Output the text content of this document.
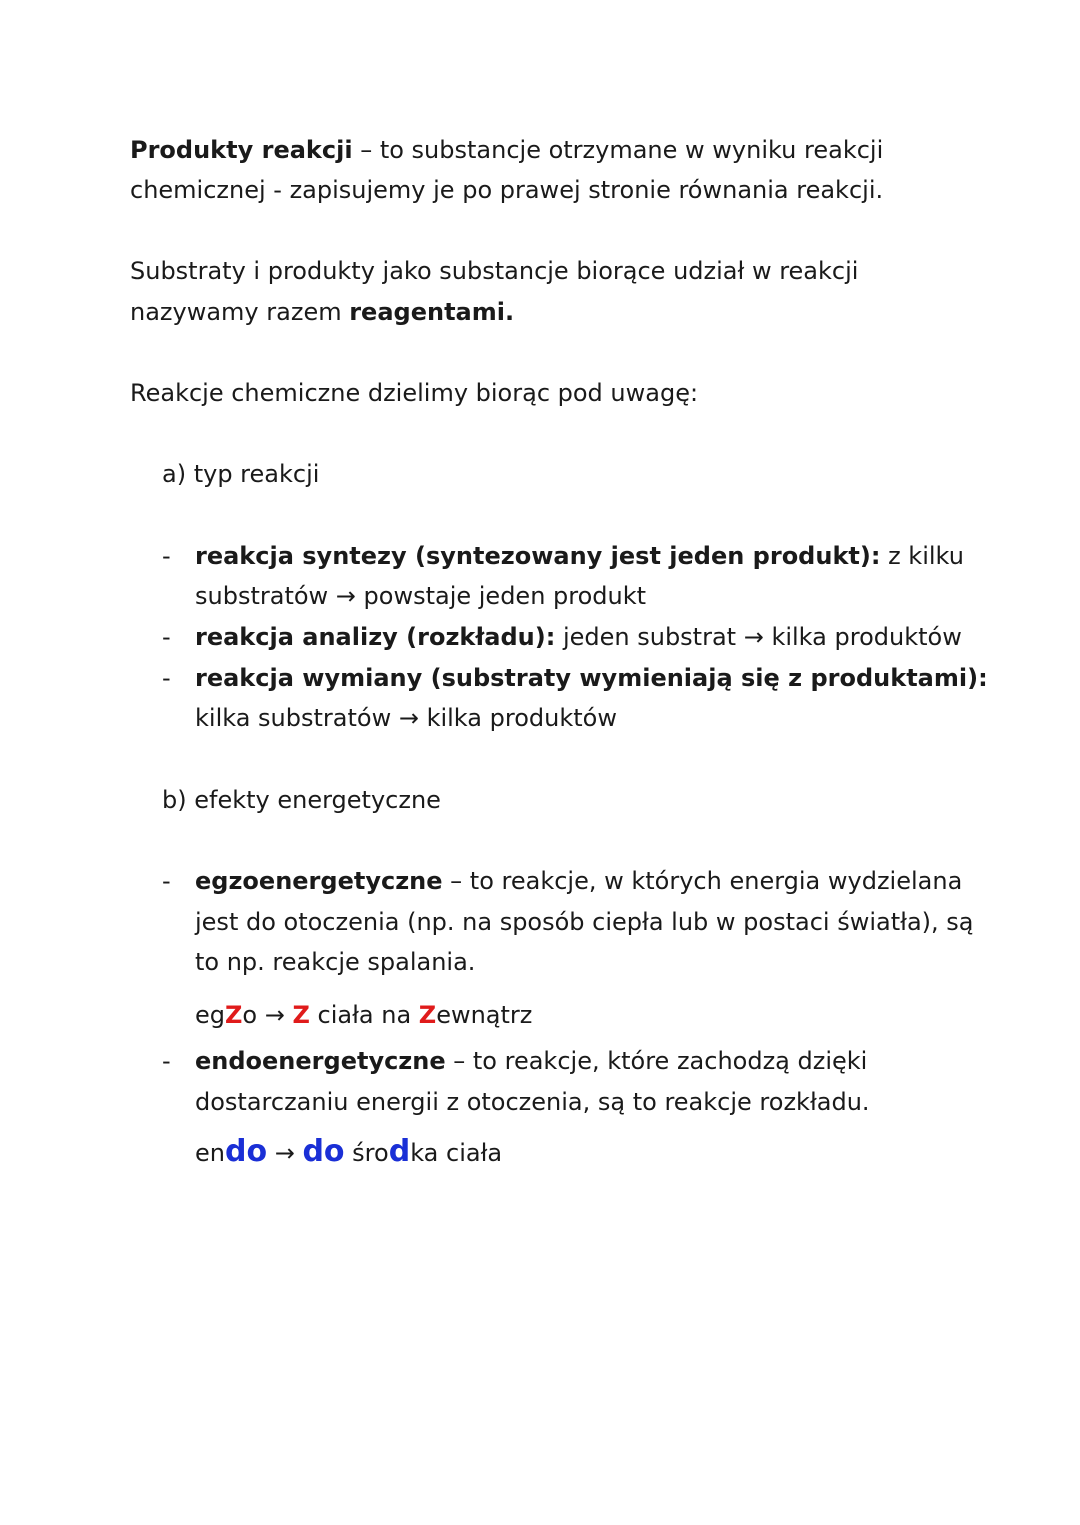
Produkty reakcji – to substancje otrzymane w wyniku reakcji
chemicznej - zapisujemy je po prawej stronie równania reakcji.
Substraty i produkty jako substancje biorące udział w reakcji
nazywamy razem reagentami.
Reakcje chemiczne dzielimy biorąc pod uwagę:
a) typ reakcji
- reakcja syntezy (syntezowany jest jeden produkt): z kilku
substratów → powstaje jeden produkt
- reakcja analizy (rozkładu): jeden substrat → kilka produktów
- reakcja wymiany (substraty wymieniają się z produktami):
kilka substratów → kilka produktów
b) efekty energetyczne
- egzoenergetyczne – to reakcje, w których energia wydzielana
jest do otoczenia (np. na sposób ciepła lub w postaci światła), są
to np. reakcje spalania.
egZo → Z ciała na Zewnątrz
- endoenergetyczne – to reakcje, które zachodzą dzięki
dostarczaniu energii z otoczenia, są to reakcje rozkładu.
endo → do środka ciała
